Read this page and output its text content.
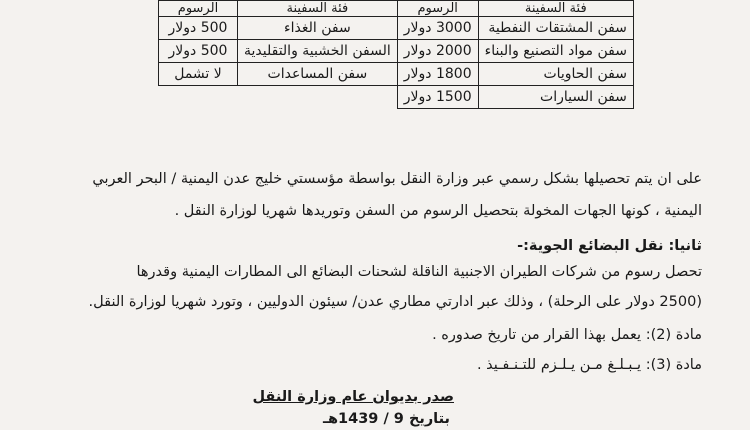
فئة السفينة	الرسوم	فئة السفينة	الرسوم
سفن المشتقات النفطية	3000 دولار	سفن الغذاء	500 دولار
سفن مواد التصنيع والبناء	2000 دولار	السفن الخشبية والتقليدية	500 دولار
سفن الحاويات	1800 دولار	سفن المساعدات	لا تشمل
سفن السيارات	1500 دولار		
على ان يتم تحصيلها بشكل رسمي عبر وزارة النقل بواسطة مؤسستي خليج عدن اليمنية / البحر العربي
اليمنية ، كونها الجهات المخولة بتحصيل الرسوم من السفن وتوريدها شهريا لوزارة النقل .
ثانيا: نقل البضائع الجوية:-
تحصل رسوم من شركات الطيران الاجنبية الناقلة لشحنات البضائع الى المطارات اليمنية وقدرها
(2500 دولار على الرحلة) ، وذلك عبر ادارتي مطاري عدن/ سيئون الدوليين ، وتورد شهريا لوزارة النقل.
مادة (2): يعمل بهذا القرار من تاريخ صدوره .
مادة (3): يـبـلـغ مـن يـلـزم للتـنـفـيذ .
صدر بديوان عام وزارة النقل
بتاريخ 9 / 1439هـ
